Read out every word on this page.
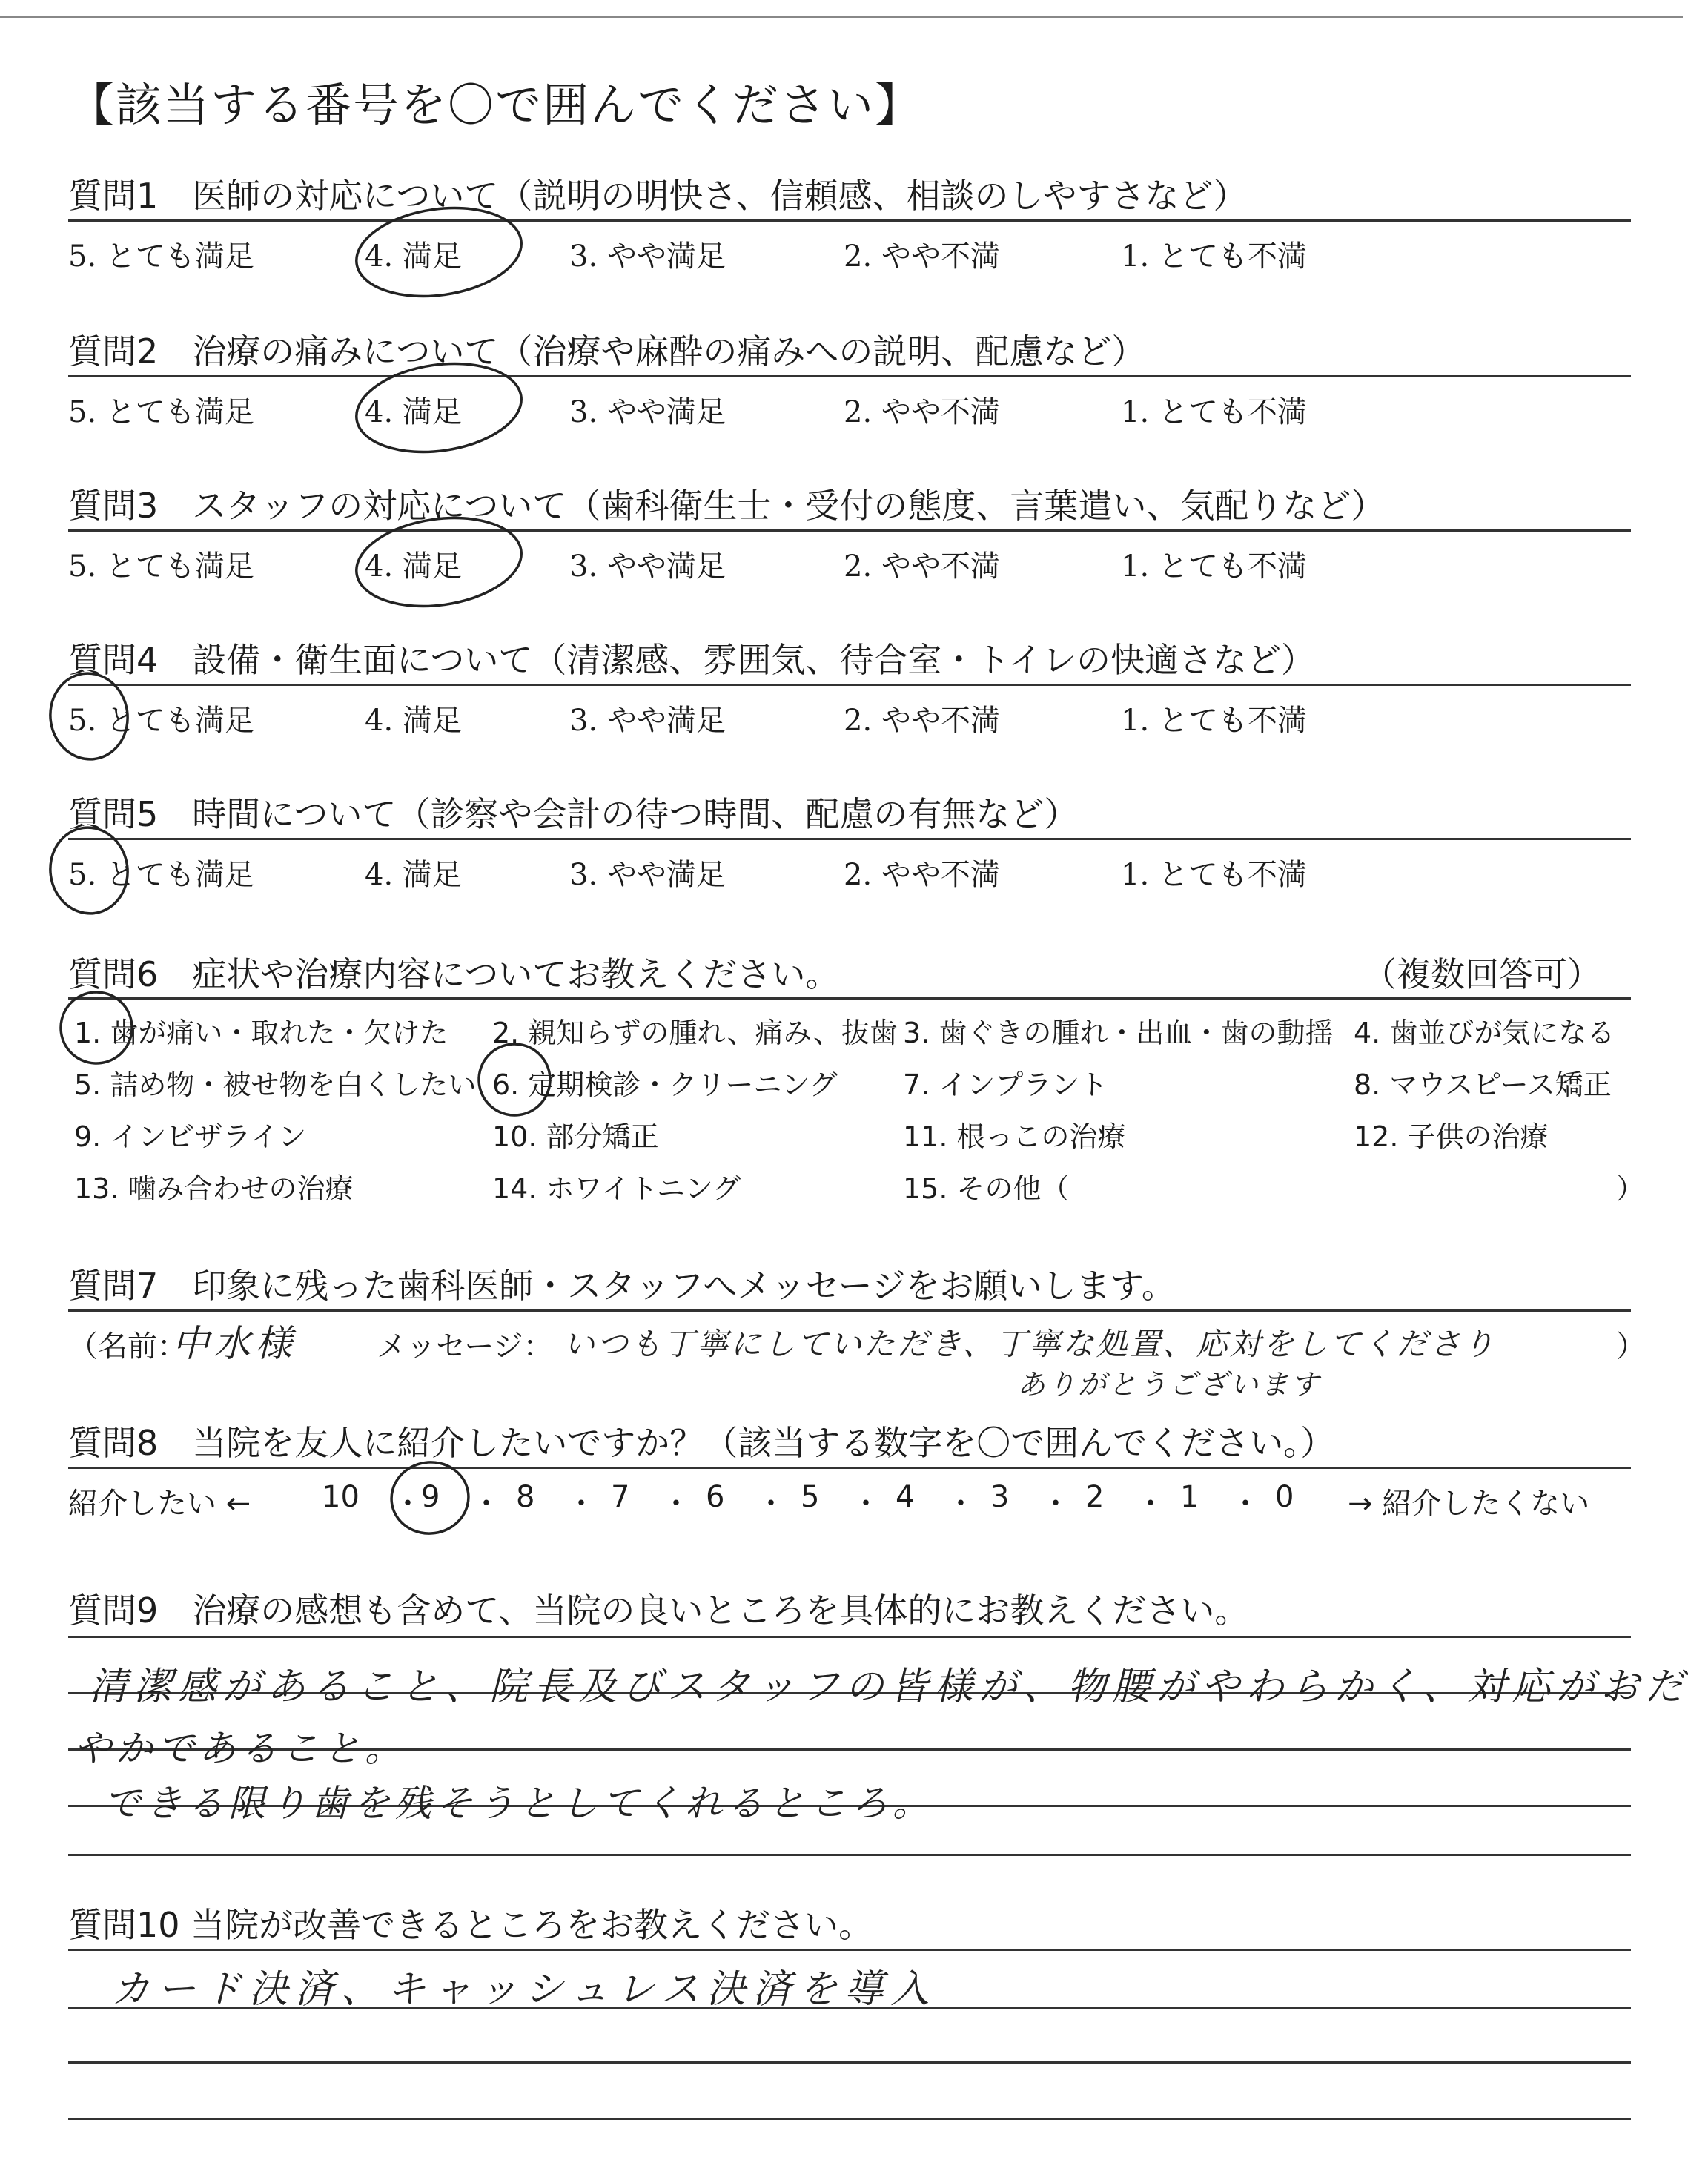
【該当する番号を〇で囲んでください】
質問1　医師の対応について（説明の明快さ、信頼感、相談のしやすさなど）
5. とても満足	4. 満足	3. やや満足	2. やや不満	1. とても不満
質問2　治療の痛みについて（治療や麻酔の痛みへの説明、配慮など）
5. とても満足	4. 満足	3. やや満足	2. やや不満	1. とても不満
質問3　スタッフの対応について（歯科衛生士・受付の態度、言葉遣い、気配りなど）
5. とても満足	4. 満足	3. やや満足	2. やや不満	1. とても不満
質問4　設備・衛生面について（清潔感、雰囲気、待合室・トイレの快適さなど）
5. とても満足	4. 満足	3. やや満足	2. やや不満	1. とても不満
質問5　時間について（診察や会計の待つ時間、配慮の有無など）
5. とても満足	4. 満足	3. やや満足	2. やや不満	1. とても不満
質問6　症状や治療内容についてお教えください。	（複数回答可）
1. 歯が痛い・取れた・欠けた 2. 親知らずの腫れ、痛み、抜歯 3. 歯ぐきの腫れ・出血・歯の動揺 4. 歯並びが気になる
5. 詰め物・被せ物を白くしたい 6. 定期検診・クリーニング 7. インプラント	8. マウスピース矯正
9. インビザライン	10. 部分矯正	11. 根っこの治療	12. 子供の治療
13. 噛み合わせの治療	14. ホワイトニング	15. その他（	）
質問7　印象に残った歯科医師・スタッフへメッセージをお願いします。
（名前：
中水様	メッセージ： いつも丁寧にしていただき、丁寧な処置、応対をしてくださり
ありがとうございます
）
質問8　当院を友人に紹介したいですか？（該当する数字を〇で囲んでください。）
紹介したい ←	→ 紹介したくない
10 ・
9 ・ 8 ・ 7 ・ 6 ・ 5 ・ 4 ・ 3 ・ 2 ・ 1 ・ 0
質問9　治療の感想も含めて、当院の良いところを具体的にお教えください。
清潔感があること、院長及びスタッフの皆様が、物腰がやわらかく、対応がおだ
やかであること。
できる限り歯を残そうとしてくれるところ。
質問10 当院が改善できるところをお教えください。
カード決済、キャッシュレス決済を導入
